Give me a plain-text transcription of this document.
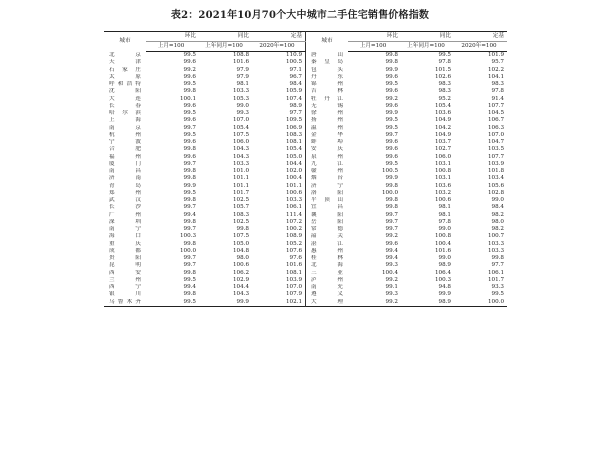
表2：2021年10月70个大中城市二手住宅销售价格指数
城市	环比	同比	定基	城市	环比	同比	定基
	上月=100	上年同月=100	2020年=100		上月=100	上年同月=100	2020年=100
北　京	99.5	108.8	110.9	唐　山	99.8	99.5	101.9
天　津	99.6	101.6	100.5	秦皇岛	99.8	97.8	95.7
石家庄	99.2	97.9	97.1	包　头	99.9	101.5	102.2
太　原	99.6	97.9	96.7	丹　东	99.6	102.6	104.1
呼和浩特	99.5	98.1	98.4	锦　州	99.5	98.3	98.3
沈　阳	99.8	103.3	105.9	吉　林	99.6	98.3	97.8
大　连	100.1	105.3	107.4	牡丹江	99.2	95.2	91.4
长　春	99.6	99.0	98.9	无　锡	99.6	105.4	107.7
哈尔滨	99.5	99.3	97.7	徐　州	99.9	103.6	104.5
上　海	99.6	107.0	109.5	扬　州	99.5	104.9	106.7
南　京	99.7	105.4	106.9	温　州	99.5	104.2	106.3
杭　州	99.5	107.5	108.3	金　华	99.7	104.9	107.0
宁　波	99.6	106.0	108.1	蚌　埠	99.6	103.7	104.7
合　肥	99.8	104.3	105.4	安　庆	99.6	102.7	103.5
福　州	99.6	104.3	105.0	泉　州	99.6	106.0	107.7
厦　门	99.7	103.3	104.4	九　江	99.5	103.1	103.9
南　昌	99.8	101.0	102.0	赣　州	100.5	100.8	101.8
济　南	99.8	101.1	100.4	烟　台	99.9	103.1	103.4
青　岛	99.9	101.1	101.1	济　宁	99.8	103.6	105.6
郑　州	99.5	101.7	100.6	洛　阳	100.0	103.2	102.8
武　汉	99.8	102.5	103.3	平顶山	99.8	100.6	99.0
长　沙	99.7	105.7	106.1	宜　昌	99.8	98.1	98.4
广　州	99.4	108.3	111.4	襄　阳	99.7	98.1	98.2
深　圳	99.8	102.5	107.2	岳　阳	99.7	97.8	98.0
南　宁	99.7	99.8	100.2	常　德	99.7	99.0	98.2
海　口	100.3	107.5	108.9	韶　关	99.2	100.8	100.7
重　庆	99.8	105.0	105.2	湛　江	99.6	100.4	103.3
成　都	100.0	104.8	107.6	惠　州	99.4	101.6	103.3
贵　阳	99.7	98.0	97.6	桂　林	99.4	99.0	99.8
昆　明	99.7	100.6	101.6	北　海	99.3	98.9	97.7
西　安	99.8	106.2	108.1	三　亚	100.4	106.4	106.1
兰　州	99.5	102.9	103.9	泸　州	99.2	100.3	101.7
西　宁	99.4	104.4	107.0	南　充	99.1	94.8	93.3
银　川	99.8	104.3	107.9	遵　义	99.3	99.9	99.5
乌鲁木齐	99.5	99.9	102.1	大　理	99.2	98.9	100.0
